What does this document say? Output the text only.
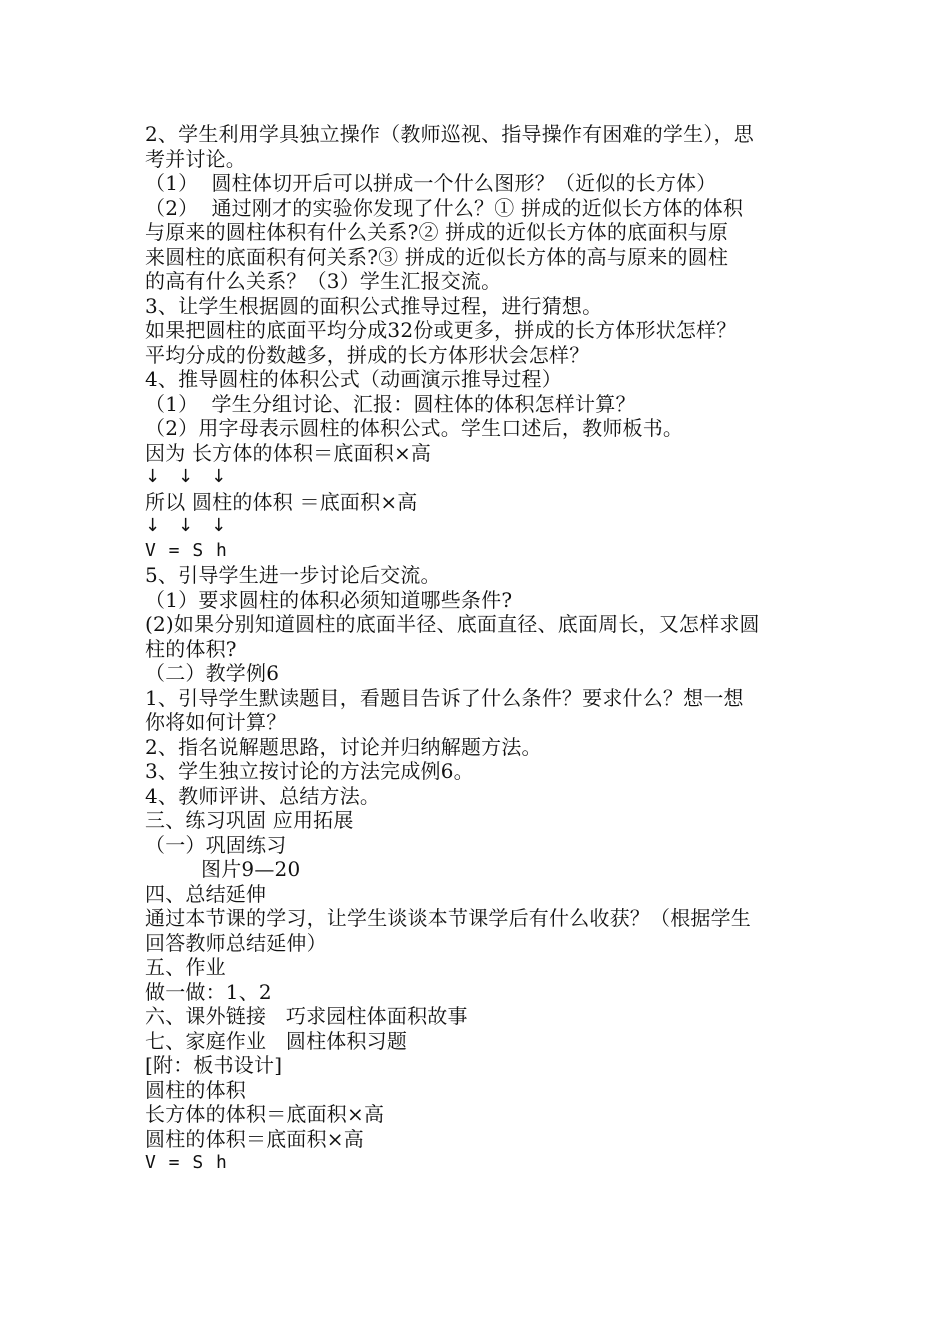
2、学生利用学具独立操作（教师巡视、指导操作有困难的学生），思

考并讨论。

（1）  圆柱体切开后可以拼成一个什么图形？（近似的长方体）

（2）  通过刚才的实验你发现了什么？① 拼成的近似长方体的体积

与原来的圆柱体积有什么关系?② 拼成的近似长方体的底面积与原

来圆柱的底面积有何关系?③ 拼成的近似长方体的高与原来的圆柱

的高有什么关系？（3）学生汇报交流。

3、让学生根据圆的面积公式推导过程，进行猜想。

如果把圆柱的底面平均分成32份或更多，拼成的长方体形状怎样？

平均分成的份数越多，拼成的长方体形状会怎样？

4、推导圆柱的体积公式（动画演示推导过程）

（1）  学生分组讨论、汇报：圆柱体的体积怎样计算？

（2）用字母表示圆柱的体积公式。学生口述后，教师板书。

因为 长方体的体积＝底面积×高

↓   ↓   ↓

所以 圆柱的体积 ＝底面积×高

↓   ↓   ↓

V = S h

5、引导学生进一步讨论后交流。

（1）要求圆柱的体积必须知道哪些条件?

(2)如果分别知道圆柱的底面半径、底面直径、底面周长，又怎样求圆

柱的体积?

（二）教学例6

1、引导学生默读题目，看题目告诉了什么条件？要求什么？想一想

你将如何计算？

2、指名说解题思路，讨论并归纳解题方法。

3、学生独立按讨论的方法完成例6。

4、教师评讲、总结方法。

三、练习巩固 应用拓展

（一）巩固练习

图片9—20

四、总结延伸

通过本节课的学习，让学生谈谈本节课学后有什么收获？（根据学生

回答教师总结延伸）

五、作业

做一做：1、2

六、课外链接   巧求园柱体面积故事

七、家庭作业   圆柱体积习题

[附：板书设计]

圆柱的体积

长方体的体积＝底面积×高

圆柱的体积＝底面积×高

V = S h
